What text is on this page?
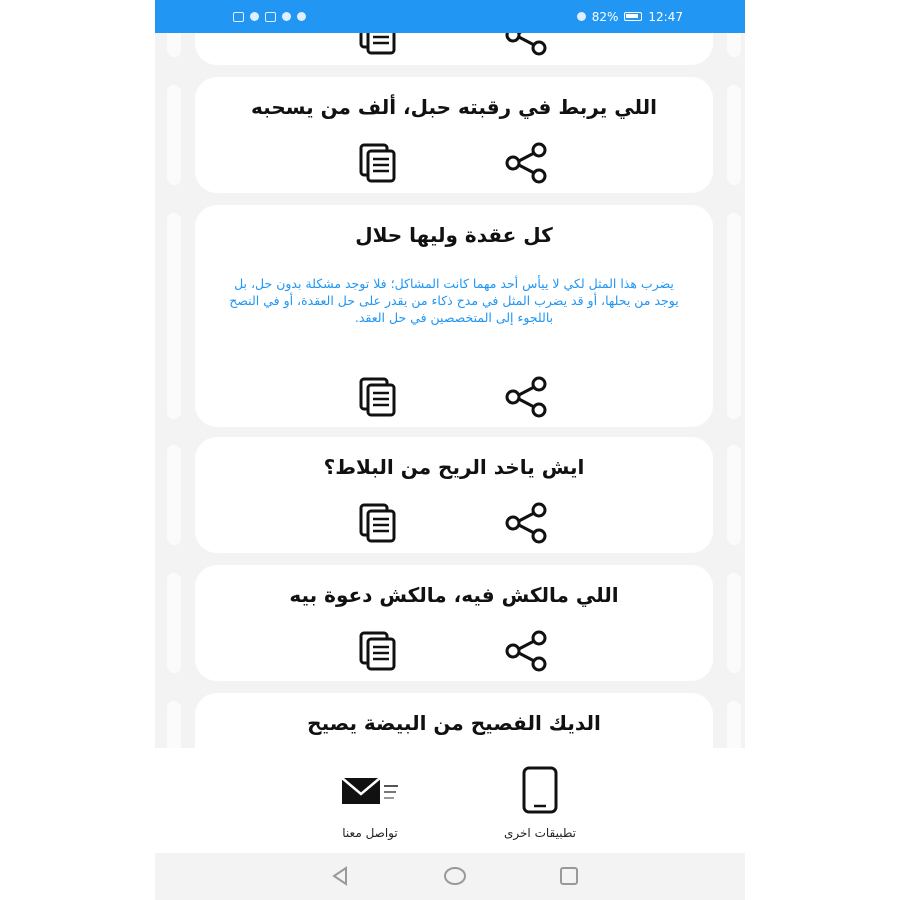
82%	12:47
اللي يربط في رقبته حبل، ألف من يسحبه
كل عقدة وليها حلال
يضرب هذا المثل لكي لا ييأس أحد مهما كانت المشاكل؛ فلا توجد مشكلة بدون حل، بل يوجد من يحلها، أو قد يضرب المثل في مدح ذكاء من يقدر على حل العقدة، أو في النصح باللجوء إلى المتخصصين في حل العقد.
ايش ياخد الريح من البلاط؟
اللي مالكش فيه، مالكش دعوة بيه
الديك الفصيح من البيضة يصيح
تطبيقات اخرى
تواصل معنا
